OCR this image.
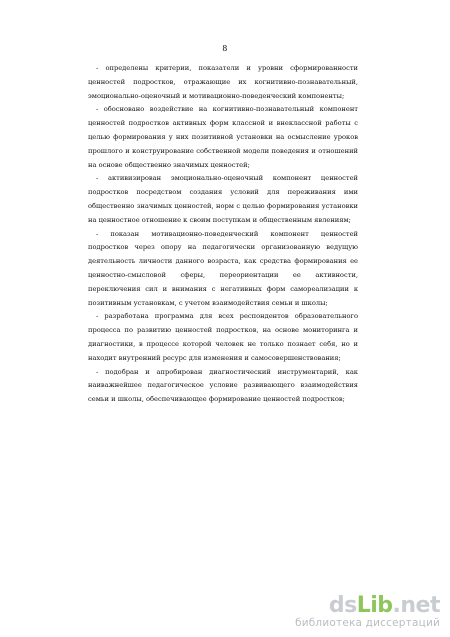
8

- определены критерии, показатели и уровни сформированности ценностей подростков, отражающие их когнитивно-познавательный, эмоционально-оценочный и мотивационно-поведенческий компоненты;

- обосновано воздействие на когнитивно-познавательный компонент ценностей подростков активных форм классной и внеклассной работы с целью формирования у них позитивной установки на осмысление уроков прошлого и конструирование собственной модели поведения и отношений на основе общественно значимых ценностей;

- активизирован эмоционально-оценочный компонент ценностей подростков посредством создания условий для переживания ими общественно значимых ценностей, норм с целью формирования установки на ценностное отношение к своим поступкам и общественным явлениям;

- показан мотивационно-поведенческий компонент ценностей подростков через опору на педагогически организованную ведущую деятельность личности данного возраста, как средства формирования ее ценностно-смысловой сферы, переориентации ее активности, переключения сил и внимания с негативных форм самореализации к позитивным установкам, с учетом взаимодействия семьи и школы;

- разработана программа для всех респондентов образовательного процесса по развитию ценностей подростков, на основе мониторинга и диагностики, в процессе которой человек не только познает себя, но и находит внутренний ресурс для изменения и самосовершенствования;

- подобран и апробирован диагностический инструментарий, как наиважнейшее педагогическое условие развивающего взаимодействия семьи и школы, обеспечивающее формирование ценностей подростков;

dsLib.net
библиотека диссертаций
